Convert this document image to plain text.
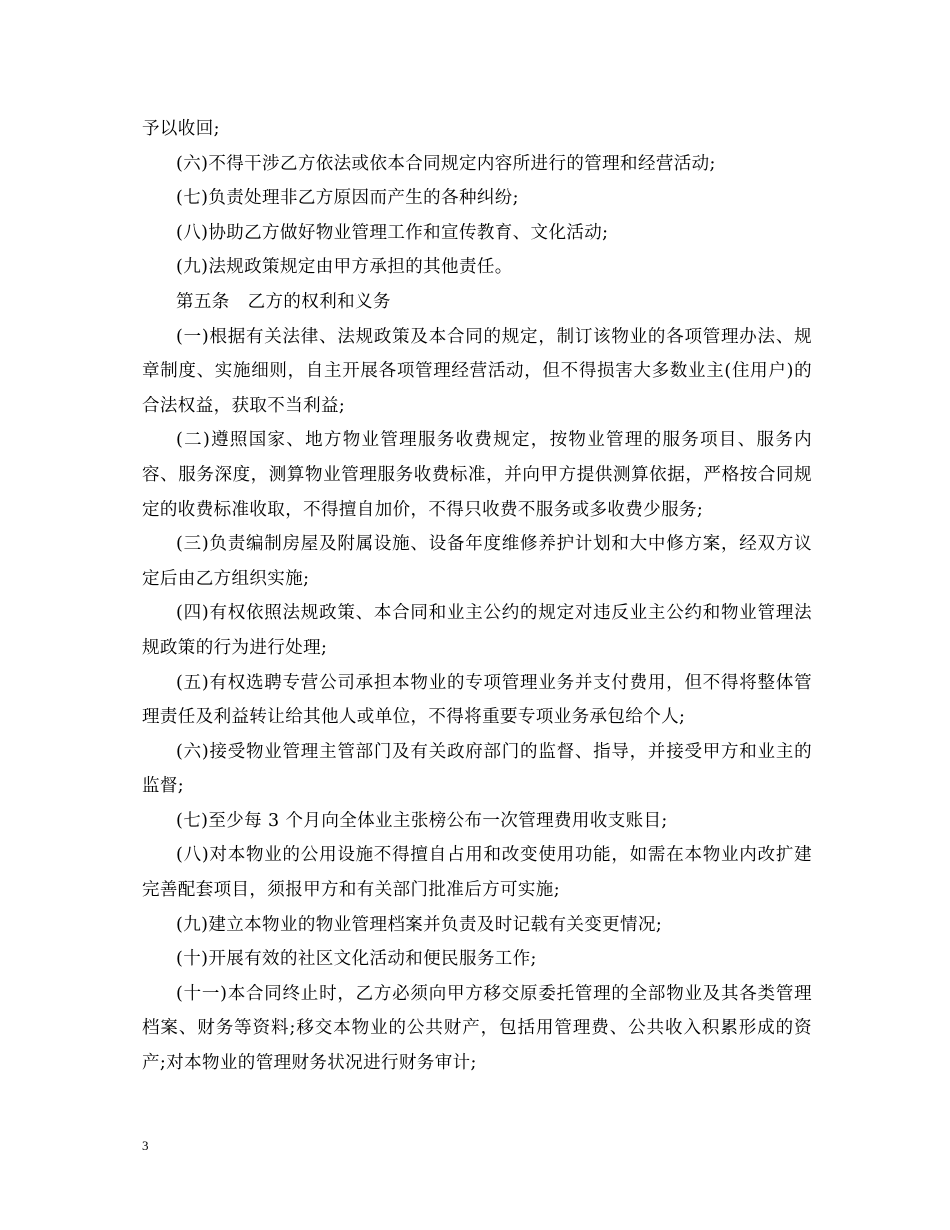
予以收回;

(六)不得干涉乙方依法或依本合同规定内容所进行的管理和经营活动;

(七)负责处理非乙方原因而产生的各种纠纷;

(八)协助乙方做好物业管理工作和宣传教育、文化活动;

(九)法规政策规定由甲方承担的其他责任。

第五条　乙方的权利和义务

(一)根据有关法律、法规政策及本合同的规定，制订该物业的各项管理办法、规章制度、实施细则，自主开展各项管理经营活动，但不得损害大多数业主(住用户)的合法权益，获取不当利益;

(二)遵照国家、地方物业管理服务收费规定，按物业管理的服务项目、服务内容、服务深度，测算物业管理服务收费标准，并向甲方提供测算依据，严格按合同规定的收费标准收取，不得擅自加价，不得只收费不服务或多收费少服务;

(三)负责编制房屋及附属设施、设备年度维修养护计划和大中修方案，经双方议定后由乙方组织实施;

(四)有权依照法规政策、本合同和业主公约的规定对违反业主公约和物业管理法规政策的行为进行处理;

(五)有权选聘专营公司承担本物业的专项管理业务并支付费用，但不得将整体管理责任及利益转让给其他人或单位，不得将重要专项业务承包给个人;

(六)接受物业管理主管部门及有关政府部门的监督、指导，并接受甲方和业主的监督;

(七)至少每 3 个月向全体业主张榜公布一次管理费用收支账目;

(八)对本物业的公用设施不得擅自占用和改变使用功能，如需在本物业内改扩建完善配套项目，须报甲方和有关部门批准后方可实施;

(九)建立本物业的物业管理档案并负责及时记载有关变更情况;

(十)开展有效的社区文化活动和便民服务工作;

(十一)本合同终止时，乙方必须向甲方移交原委托管理的全部物业及其各类管理档案、财务等资料;移交本物业的公共财产，包括用管理费、公共收入积累形成的资产;对本物业的管理财务状况进行财务审计;

3
